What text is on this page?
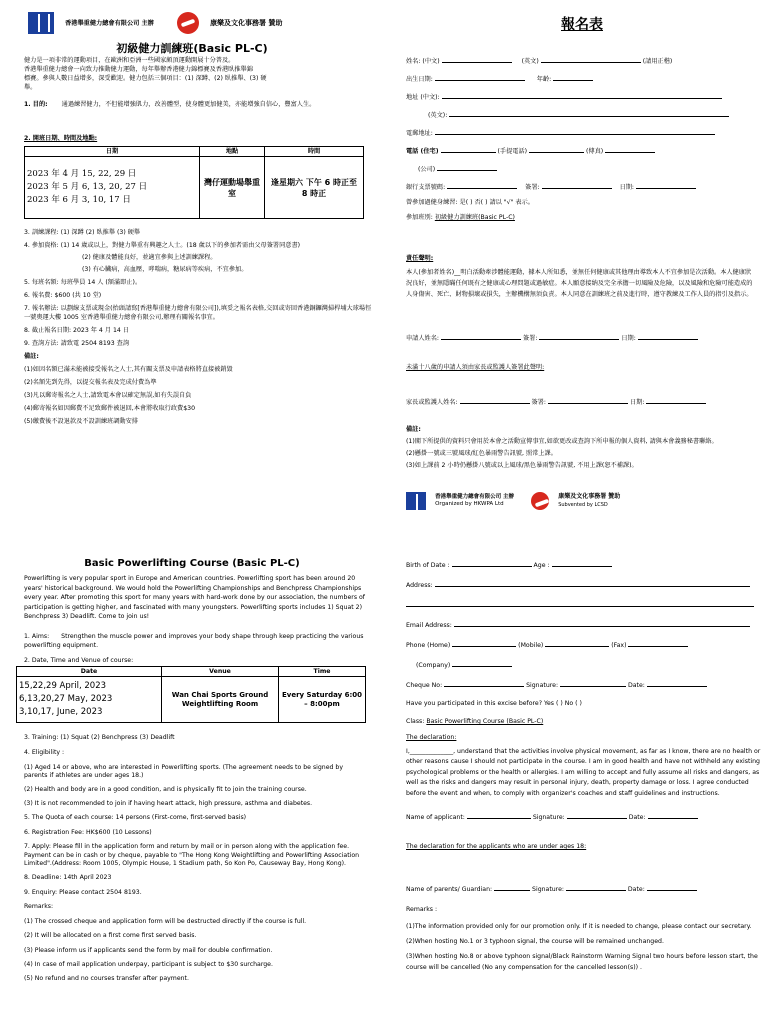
香港舉重健力總會有限公司 主辦	康樂及文化事務署 贊助
初級健力訓練班(Basic PL-C)
健力是一項非常的運動項目，在歐洲和亞洲一些國家頗頂運動開展十分普及。
香港舉重健力總會一向致力推動健力運動，每年舉辦香港健力錦標賽及香港臥推舉錦
標賽。參與人數日益增多，深受歡迎。健力包括三個項目：(1) 深蹲、(2) 臥推舉、(3) 硬
舉。
1. 目的: 通過練習健力，不但能增強肌力，改善體型，使身體更加健美，亦能增強自信心，豐富人生。
2. 開班日期、時間及地點:
日期	地點	時間

2023 年 4 月 15, 22, 29 日
2023 年 5 月 6, 13, 20, 27 日
2023 年 6 月 3, 10, 17 日	灣仔運動場舉重室	逢星期六 下午 6 時正至 8 時正
3. 訓練課程: (1) 深蹲 (2) 臥推舉 (3) 硬舉
4. 參加資格: (1) 14 歲或以上，對健力舉重有興趣之人士。(18 歲以下的參加者需由父母簽署同意書)
(2) 健康及體能良好，並適宜參與上述訓練課程。
(3) 有心臟病，高血壓，哮喘病，糖尿病等疾病，不宜參加。
5. 每班名額: 每班學員 14 人 (額滿即止)。
6. 報名費: $600 (共 10 堂)
7. 報名辦法: 以劃線支票或現金(抬頭請寫[香港舉重健力總會有限公司]),填妥之報名表格,交回或寄回香港銅鑼灣掃桿埔大球場徑一號奧運大樓 1005 室香港舉重健力總會有限公司,辦理有關報名事宜。
8. 截止報名日期: 2023 年 4 月 14 日
9. 查詢方法: 請致電 2504 8193 查詢
備註:
(1)如因名額已滿未能被接受報名之人士,其有關支票及申請表格將直接被銷毀
(2)名額先到先得，以提交報名表及完成付費為準
(3)凡以郵寄報名之人士,請致電本會以確定無誤,如有失誤自負
(4)郵寄報名如因郵費不足致郵件被退回,本會將收取行政費$30
(5)繳費後不設退款及不設訓練班調動安排
報名表
姓名: (中文)	(英文)	(請用正楷)
出生日期:	年齡:
地址 (中文):
(英文):
電郵地址:
電話 (住宅)	(手提電話)	(傳真)
(公司)
銀行支票號碼:	簽署:	日期:
曾參加過健身練習: 是( ) 否( ) 請以 "√" 表示。
參加班別: 初級健力訓練班(Basic PL-C)
責任聲明:
本人(參加者姓名)__明白活動牽涉體能運動，據本人所知悉，並無任何健康或其他理由導致本人不宜參加是次活動。本人健康狀況良好，並無隱瞞任何既有之健康或心理問題或過敏症。本人願意接納及完全承擔一切風險及危險，以及風險和危險可能造成的人身傷害、死亡、財物損壞或損失，主辦機構無須負責。本人同意在訓練班之前及進行時，遵守教練及工作人員的指引及指示。
申請人姓名:	簽署:	日期:
未滿十八歲的申請人須由家長或監護人簽署此聲明:
家長或監護人姓名:	簽署:	日期:
備註:
(1)閣下所提供的資料只會用於本會之活動宣傳事宜,如欲更改或查詢下所申報的個人資料, 請與本會義務秘書聯絡。
(2)懸掛一號或三號風球/紅色暴雨警告訊號, 照常上課。
(3)如上課前 2 小時仍懸掛八號或以上風球/黑色暴雨警告訊號, 不用上課(恕不補課)。
香港舉重健力總會有限公司 主辦
Organized by HKWPA Ltd  康樂及文化事務署 贊助
Subvented by LCSD
Basic Powerlifting Course (Basic PL-C)
Powerlifting is very popular sport in Europe and American countries. Powerlifting sport has been around 20 years' historical background. We would hold the Powerlifting Championships and Benchpress Championships every year. After promoting this sport for many years with hard-work done by our association, the numbers of participation is getting higher, and fascinated with many youngsters. Powerlifting sports includes 1) Squat 2) Benchpress 3) Deadlift. Come to join us!
1. Aims: Strengthen the muscle power and improves your body shape through keep practicing the various powerlifting equipment.
2. Date, Time and Venue of course:
Date	Venue	Time

15,22,29 April, 2023
6,13,20,27 May, 2023
3,10,17, June, 2023	Wan Chai Sports Ground Weightlifting Room	Every Saturday 6:00 – 8:00pm
3. Training: (1) Squat (2) Benchpress (3) Deadlift
4. Eligibility :
(1) Aged 14 or above, who are interested in Powerlifting sports. (The agreement needs to be signed by parents if athletes are under ages 18.)
(2) Health and body are in a good condition, and is physically fit to join the training course.
(3) It is not recommended to join if having heart attack, high pressure, asthma and diabetes.
5. The Quota of each course: 14 persons (First-come, first-served basis)
6. Registration Fee: HK$600 (10 Lessons)
7. Apply: Please fill in the application form and return by mail or in person along with the application fee. Payment can be in cash or by cheque, payable to "The Hong Kong Weightlifting and Powerlifting Association Limited".(Address: Room 1005, Olympic House, 1 Stadium path, So Kon Po, Causeway Bay, Hong Kong).
8. Deadline: 14th April 2023
9. Enquiry: Please contact 2504 8193.
Remarks:
(1) The crossed cheque and application form will be destructed directly if the course is full.
(2) It will be allocated on a first come first served basis.
(3) Please inform us if applicants send the form by mail for double confirmation.
(4) In case of mail application underpay, participant is subject to $30 surcharge.
(5) No refund and no courses transfer after payment.
Birth of Date :	Age :
Address:
Email Address:
Phone (Home)	(Mobile)	(Fax)
(Company)
Cheque No:	Signature:	Date:
Have you participated in this excise before? Yes ( ) No ( )
Class: Basic Powerlifting Course (Basic PL-C)
The declaration:
I,______________, understand that the activities involve physical movement, as far as I know, there are no health or other reasons cause I should not participate in the course. I am in good health and have not withheld any existing psychological problems or the health or allergies. I am willing to accept and fully assume all risks and dangers, as well as the risks and dangers may result in personal injury, death, property damage or loss. I agree conducted before the event and when, to comply with organizer's coaches and staff guidelines and instructions.
Name of applicant:	Signature:	Date:
The declaration for the applicants who are under ages 18:
Name of parents/ Guardian:	Signature:	Date:
Remarks :
(1)The information provided only for our promotion only. If it is needed to change, please contact our secretary.
(2)When hosting No.1 or 3 typhoon signal, the course will be remained unchanged.
(3)When hosting No.8 or above typhoon signal/Black Rainstorm Warning Signal two hours before lesson start, the course will be cancelled (No any compensation for the cancelled lesson(s)) .
